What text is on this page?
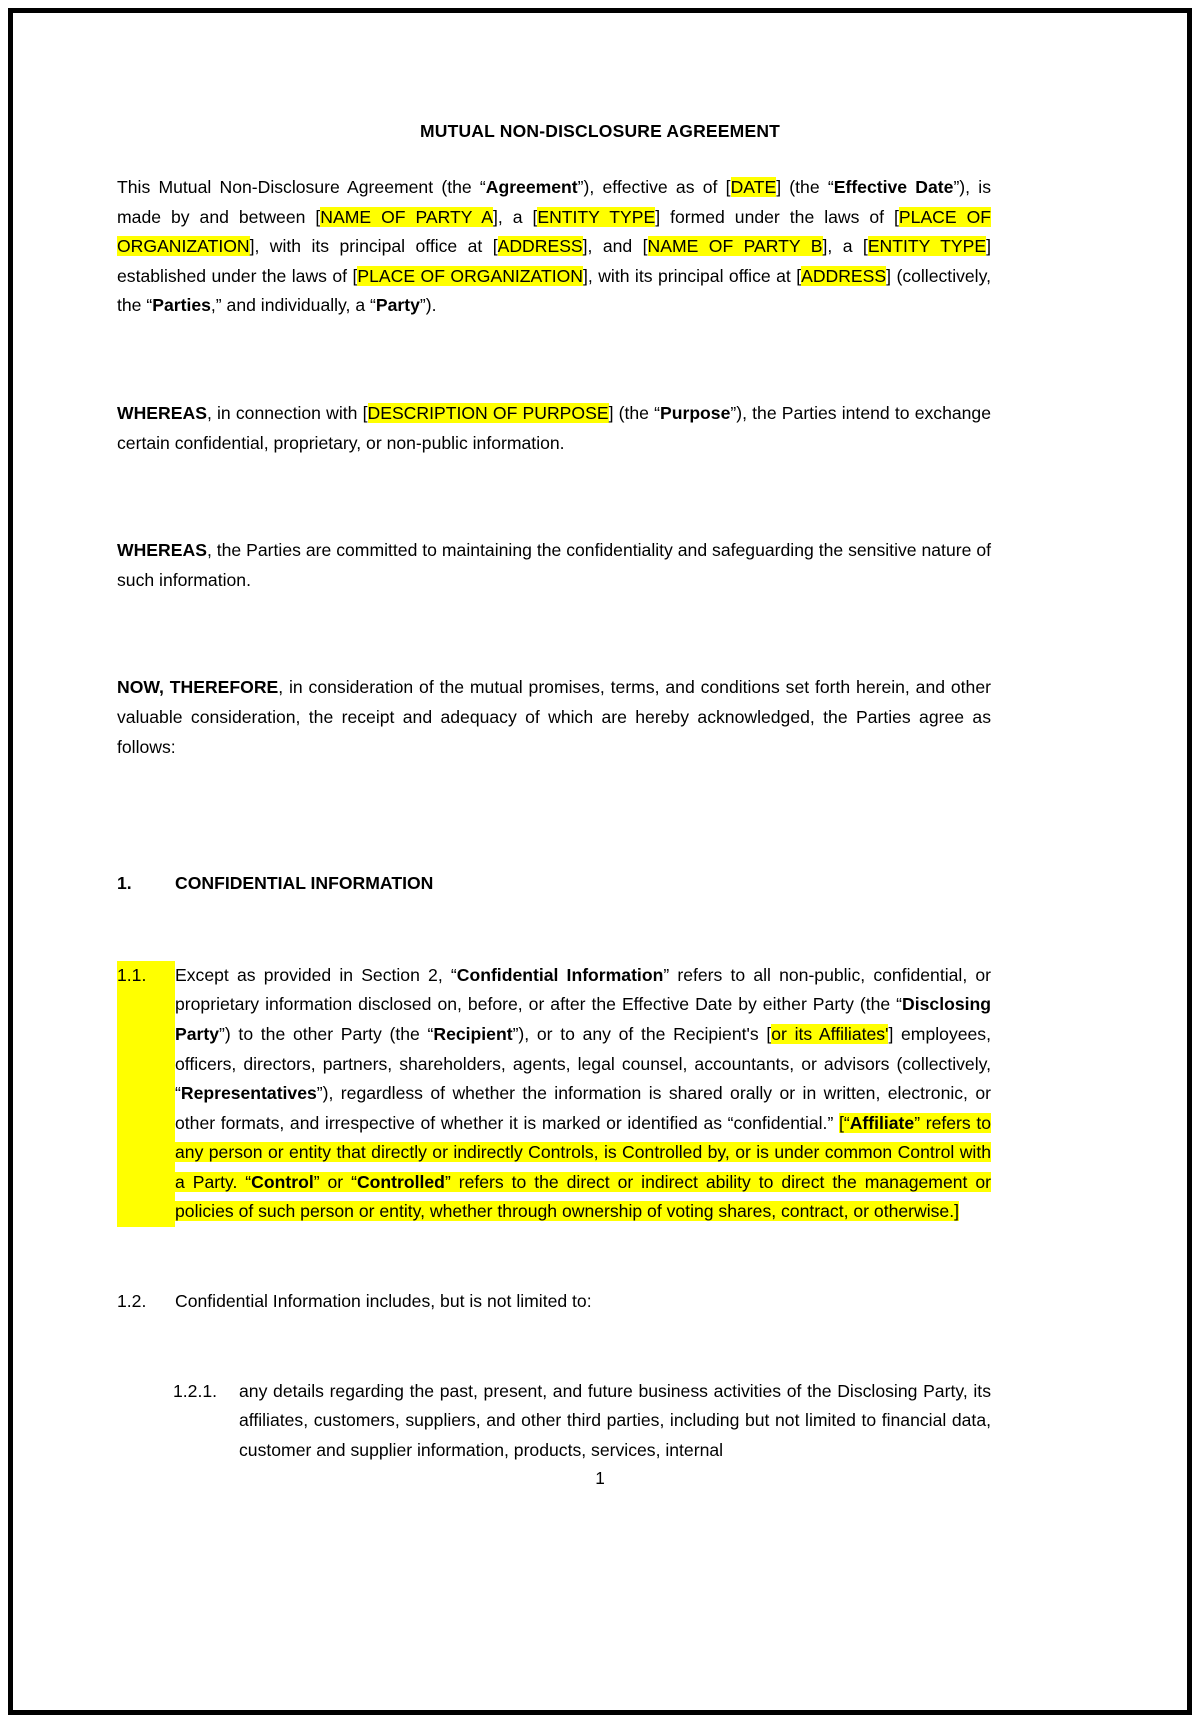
MUTUAL NON-DISCLOSURE AGREEMENT

This Mutual Non-Disclosure Agreement (the “Agreement”), effective as of [DATE] (the “Effective Date”), is made by and between [NAME OF PARTY A], a [ENTITY TYPE] formed under the laws of [PLACE OF ORGANIZATION], with its principal office at [ADDRESS], and [NAME OF PARTY B], a [ENTITY TYPE] established under the laws of [PLACE OF ORGANIZATION], with its principal office at [ADDRESS] (collectively, the “Parties,” and individually, a “Party”).

WHEREAS, in connection with [DESCRIPTION OF PURPOSE] (the “Purpose”), the Parties intend to exchange certain confidential, proprietary, or non-public information.

WHEREAS, the Parties are committed to maintaining the confidentiality and safeguarding the sensitive nature of such information.

NOW, THEREFORE, in consideration of the mutual promises, terms, and conditions set forth herein, and other valuable consideration, the receipt and adequacy of which are hereby acknowledged, the Parties agree as follows:

1.	CONFIDENTIAL INFORMATION
1.1.	Except as provided in Section 2, “Confidential Information” refers to all non-public, confidential, or proprietary information disclosed on, before, or after the Effective Date by either Party (the “Disclosing Party”) to the other Party (the “Recipient”), or to any of the Recipient's [or its Affiliates'] employees, officers, directors, partners, shareholders, agents, legal counsel, accountants, or advisors (collectively, “Representatives”), regardless of whether the information is shared orally or in written, electronic, or other formats, and irrespective of whether it is marked or identified as “confidential.” [“Affiliate” refers to any person or entity that directly or indirectly Controls, is Controlled by, or is under common Control with a Party. “Control” or “Controlled” refers to the direct or indirect ability to direct the management or policies of such person or entity, whether through ownership of voting shares, contract, or otherwise.]
1.2.	Confidential Information includes, but is not limited to:
1.2.1.	any details regarding the past, present, and future business activities of the Disclosing Party, its affiliates, customers, suppliers, and other third parties, including but not limited to financial data, customer and supplier information, products, services, internal
1
